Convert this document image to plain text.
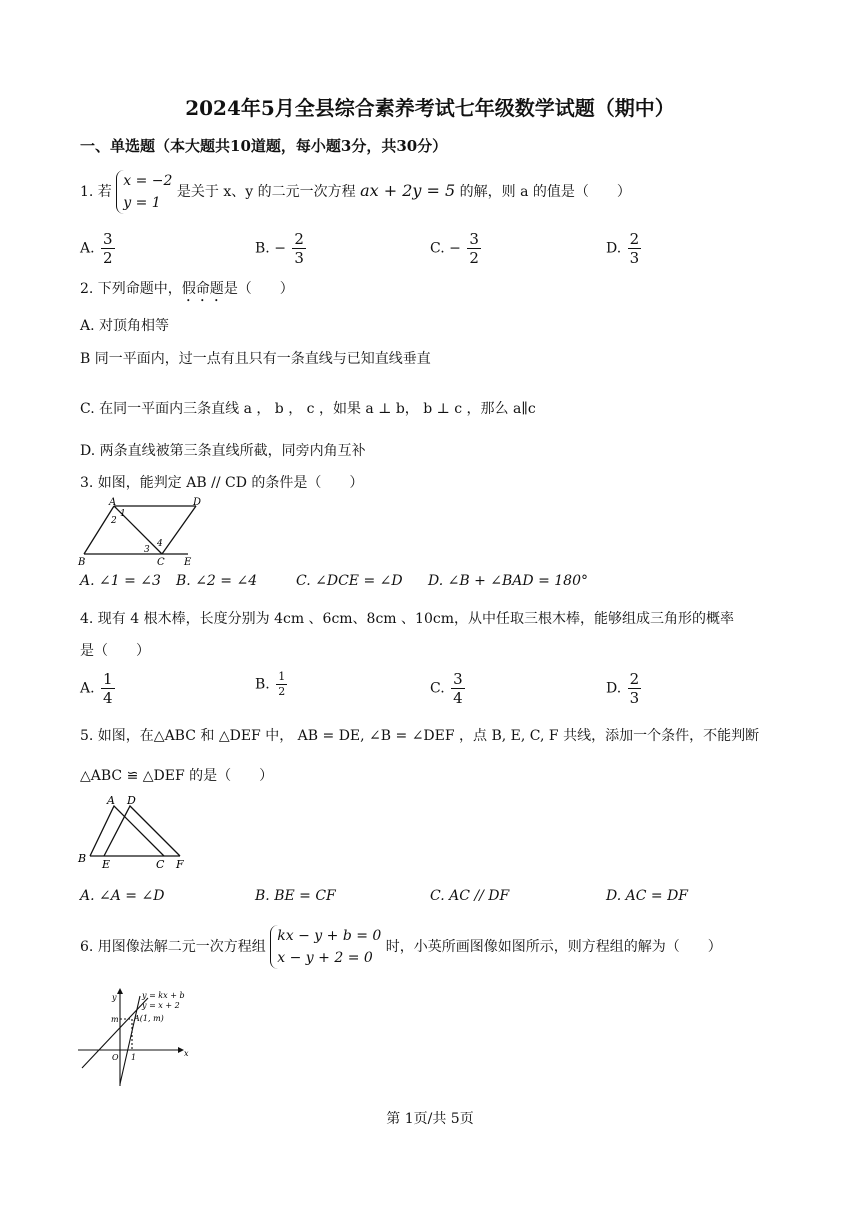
2024年5月全县综合素养考试七年级数学试题（期中）
一、单选题（本大题共10道题，每小题3分，共30分）
1. 若 x = −2
y = 1 是关于 x、y 的二元一次方程 ax + 2y = 5 的解，则 a 的值是（　　）
A. $\frac{3}{2}$	B. − $\frac{2}{3}$	C. − $\frac{3}{2}$	D. $\frac{2}{3}$
2. 下列命题中，假命题是（　　）
A. 对顶角相等
B 同一平面内，过一点有且只有一条直线与已知直线垂直
C. 在同一平面内三条直线 a ， b ， c ，如果 a ⊥ b， b ⊥ c ，那么 a∥c
D. 两条直线被第三条直线所截，同旁内角互补
3. 如图，能判定 AB // CD 的条件是（　　）
A	D
B	C E
1
2
3
4
A. ∠1 = ∠3 B. ∠2 = ∠4	C. ∠DCE = ∠D D. ∠B + ∠BAD = 180°
4. 现有 4 根木棒，长度分别为 4cm 、6cm、8cm 、10cm，从中任取三根木棒，能够组成三角形的概率
是（　　）
A. $\frac{1}{4}$	B. $\frac{1}{2}$	C. $\frac{3}{4}$	D. $\frac{2}{3}$
5. 如图，在△ABC 和 △DEF 中， AB = DE, ∠B = ∠DEF ，点 B, E, C, F 共线，添加一个条件，不能判断
△ABC ≌ △DEF 的是（　　）
A D
B E	C F
A. ∠A = ∠D	B. BE = CF	C. AC // DF	D. AC = DF
6. 用图像法解二元一次方程组 kx − y + b = 0
x − y + 2 = 0 时，小英所画图像如图所示，则方程组的解为（　　）
y = kx + b
y = x + 2
A(1, m)
y
x
m
O 1
第 1页/共 5页
